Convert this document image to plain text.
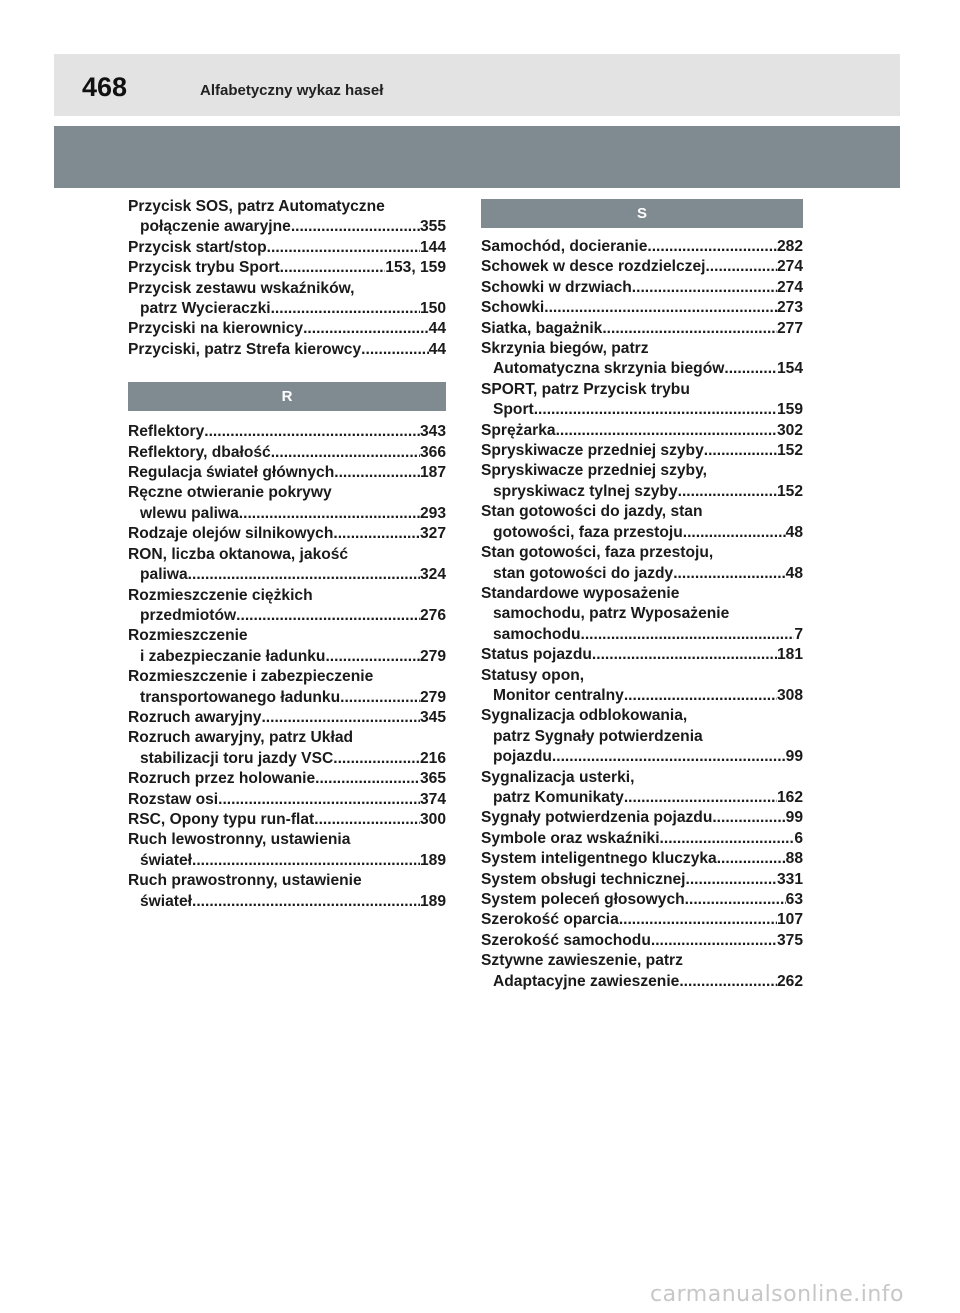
468	Alfabetyczny wykaz haseł
Przycisk SOS, patrz Automatyczne
połączenie awaryjne .....	355
Przycisk start/stop .....	144
Przycisk trybu Sport .....	153, 159
Przycisk zestawu wskaźników,
patrz Wycieraczki .....	150
Przyciski na kierownicy .....	44
Przyciski, patrz Strefa kierowcy .....	44
R
Reflektory .....	343
Reflektory, dbałość .....	366
Regulacja świateł głównych .....	187
Ręczne otwieranie pokrywy
wlewu paliwa .....	293
Rodzaje olejów silnikowych .....	327
RON, liczba oktanowa, jakość
paliwa .....	324
Rozmieszczenie ciężkich
przedmiotów .....	276
Rozmieszczenie
i zabezpieczanie ładunku .....	279
Rozmieszczenie i zabezpieczenie
transportowanego ładunku .....	279
Rozruch awaryjny .....	345
Rozruch awaryjny, patrz Układ
stabilizacji toru jazdy VSC .....	216
Rozruch przez holowanie .....	365
Rozstaw osi .....	374
RSC, Opony typu run-flat .....	300
Ruch lewostronny, ustawienia
świateł .....	189
Ruch prawostronny, ustawienie
świateł .....	189
S
Samochód, docieranie .....	282
Schowek w desce rozdzielczej .....	274
Schowki w drzwiach .....	274
Schowki .....	273
Siatka, bagażnik .....	277
Skrzynia biegów, patrz
Automatyczna skrzynia biegów .....	154
SPORT, patrz Przycisk trybu
Sport .....	159
Sprężarka .....	302
Spryskiwacze przedniej szyby .....	152
Spryskiwacze przedniej szyby,
spryskiwacz tylnej szyby .....	152
Stan gotowości do jazdy, stan
gotowości, faza przestoju .....	48
Stan gotowości, faza przestoju,
stan gotowości do jazdy .....	48
Standardowe wyposażenie
samochodu, patrz Wyposażenie
samochodu .....	7
Status pojazdu .....	181
Statusy opon,
Monitor centralny .....	308
Sygnalizacja odblokowania,
patrz Sygnały potwierdzenia
pojazdu .....	99
Sygnalizacja usterki,
patrz Komunikaty .....	162
Sygnały potwierdzenia pojazdu .....	99
Symbole oraz wskaźniki .....	6
System inteligentnego kluczyka .....	88
System obsługi technicznej .....	331
System poleceń głosowych .....	63
Szerokość oparcia .....	107
Szerokość samochodu .....	375
Sztywne zawieszenie, patrz
Adaptacyjne zawieszenie .....	262
carmanualsonline.info
